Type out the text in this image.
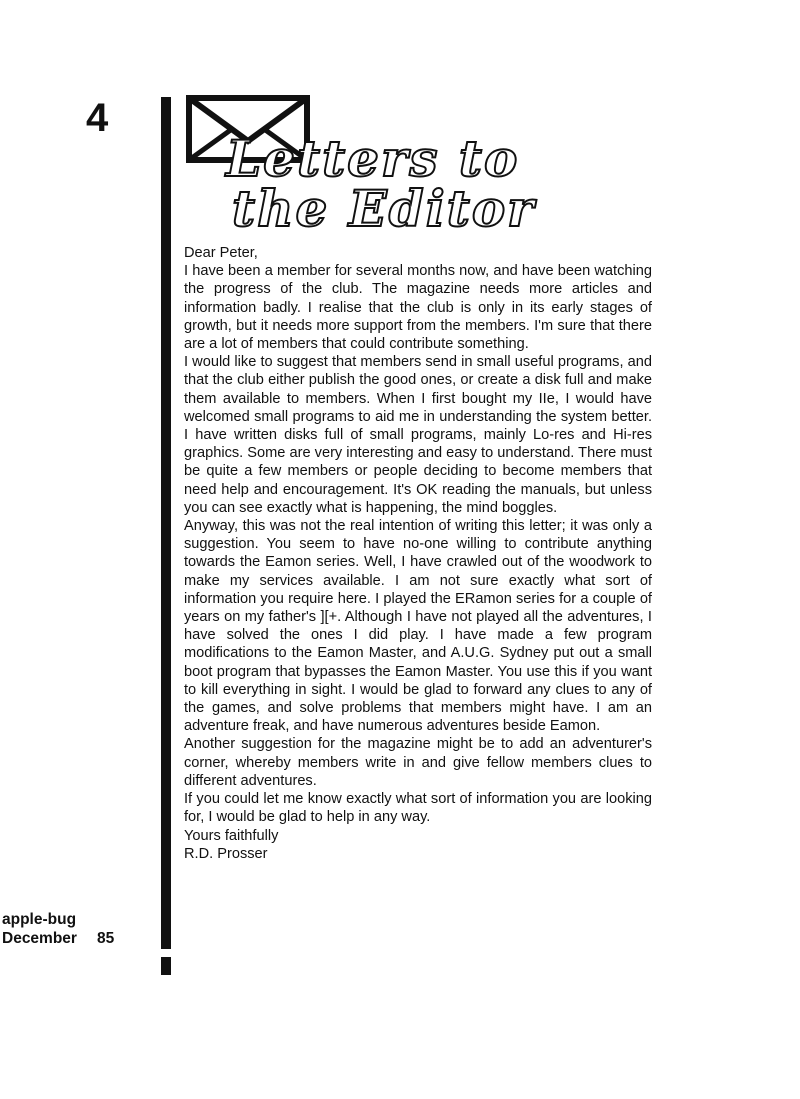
4
Letters to
the Editor

Dear Peter,

I have been a member for several months now, and have been watching the progress of the club. The magazine needs more articles and information badly. I realise that the club is only in its early stages of growth, but it needs more support from the members. I'm sure that there are a lot of members that could contribute something.

I would like to suggest that members send in small useful programs, and that the club either publish the good ones, or create a disk full and make them available to members. When I first bought my IIe, I would have welcomed small programs to aid me in understanding the system better. I have written disks full of small programs, mainly Lo-res and Hi-res graphics. Some are very interesting and easy to understand. There must be quite a few members or people deciding to become members that need help and encouragement. It's OK reading the manuals, but unless you can see exactly what is happening, the mind boggles.

Anyway, this was not the real intention of writing this letter; it was only a suggestion. You seem to have no-one willing to contribute anything towards the Eamon series. Well, I have crawled out of the woodwork to make my services available. I am not sure exactly what sort of information you require here. I played the ERamon series for a couple of years on my father's ][+. Although I have not played all the adventures, I have solved the ones I did play. I have made a few program modifications to the Eamon Master, and A.U.G. Sydney put out a small boot program that bypasses the Eamon Master. You use this if you want to kill everything in sight. I would be glad to forward any clues to any of the games, and solve problems that members might have. I am an adventure freak, and have numerous adventures beside Eamon.

Another suggestion for the magazine might be to add an adventurer's corner, whereby members write in and give fellow members clues to different adventures.

If you could let me know exactly what sort of information you are looking for, I would be glad to help in any way.

Yours faithfully

R.D. Prosser

apple-bug
December 85
